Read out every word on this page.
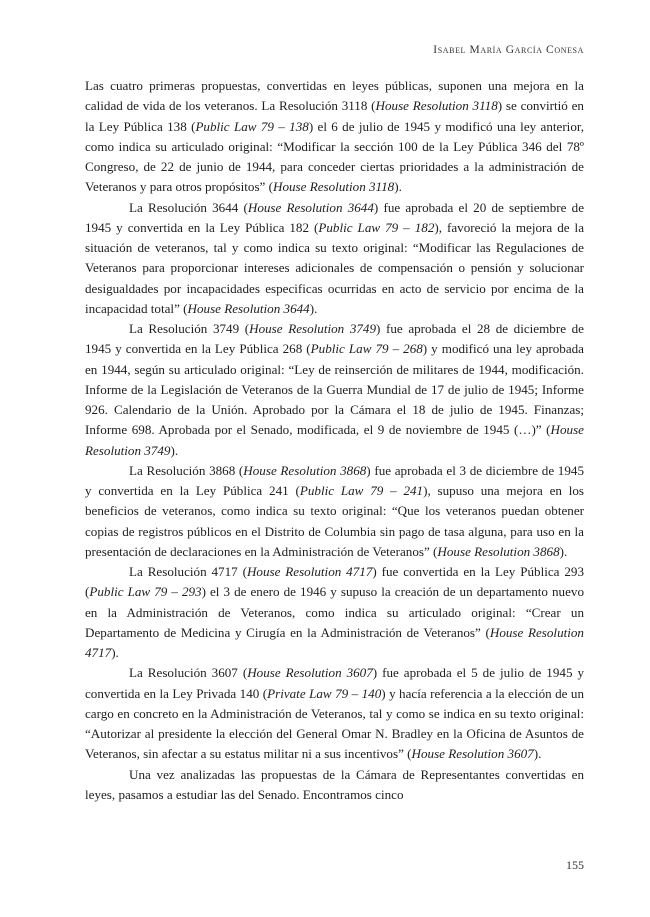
Isabel María García Conesa

Las cuatro primeras propuestas, convertidas en leyes públicas, suponen una mejora en la calidad de vida de los veteranos. La Resolución 3118 (House Resolution 3118) se convirtió en la Ley Pública 138 (Public Law 79 – 138) el 6 de julio de 1945 y modificó una ley anterior, como indica su articulado original: “Modificar la sección 100 de la Ley Pública 346 del 78º Congreso, de 22 de junio de 1944, para conceder ciertas prioridades a la administración de Veteranos y para otros propósitos” (House Resolution 3118).

La Resolución 3644 (House Resolution 3644) fue aprobada el 20 de septiembre de 1945 y convertida en la Ley Pública 182 (Public Law 79 – 182), favoreció la mejora de la situación de veteranos, tal y como indica su texto original: “Modificar las Regulaciones de Veteranos para proporcionar intereses adicionales de compensación o pensión y solucionar desigualdades por incapacidades especificas ocurridas en acto de servicio por encima de la incapacidad total” (House Resolution 3644).

La Resolución 3749 (House Resolution 3749) fue aprobada el 28 de diciembre de 1945 y convertida en la Ley Pública 268 (Public Law 79 – 268) y modificó una ley aprobada en 1944, según su articulado original: “Ley de reinserción de militares de 1944, modificación. Informe de la Legislación de Veteranos de la Guerra Mundial de 17 de julio de 1945; Informe 926. Calendario de la Unión. Aprobado por la Cámara el 18 de julio de 1945. Finanzas; Informe 698. Aprobada por el Senado, modificada, el 9 de noviembre de 1945 (…)” (House Resolution 3749).

La Resolución 3868 (House Resolution 3868) fue aprobada el 3 de diciembre de 1945 y convertida en la Ley Pública 241 (Public Law 79 – 241), supuso una mejora en los beneficios de veteranos, como indica su texto original: “Que los veteranos puedan obtener copias de registros públicos en el Distrito de Columbia sin pago de tasa alguna, para uso en la presentación de declaraciones en la Administración de Veteranos” (House Resolution 3868).

La Resolución 4717 (House Resolution 4717) fue convertida en la Ley Pública 293 (Public Law 79 – 293) el 3 de enero de 1946 y supuso la creación de un departamento nuevo en la Administración de Veteranos, como indica su articulado original: “Crear un Departamento de Medicina y Cirugía en la Administración de Veteranos” (House Resolution 4717).

La Resolución 3607 (House Resolution 3607) fue aprobada el 5 de julio de 1945 y convertida en la Ley Privada 140 (Private Law 79 – 140) y hacía referencia a la elección de un cargo en concreto en la Administración de Veteranos, tal y como se indica en su texto original: “Autorizar al presidente la elección del General Omar N. Bradley en la Oficina de Asuntos de Veteranos, sin afectar a su estatus militar ni a sus incentivos” (House Resolution 3607).

Una vez analizadas las propuestas de la Cámara de Representantes convertidas en leyes, pasamos a estudiar las del Senado. Encontramos cinco

155
